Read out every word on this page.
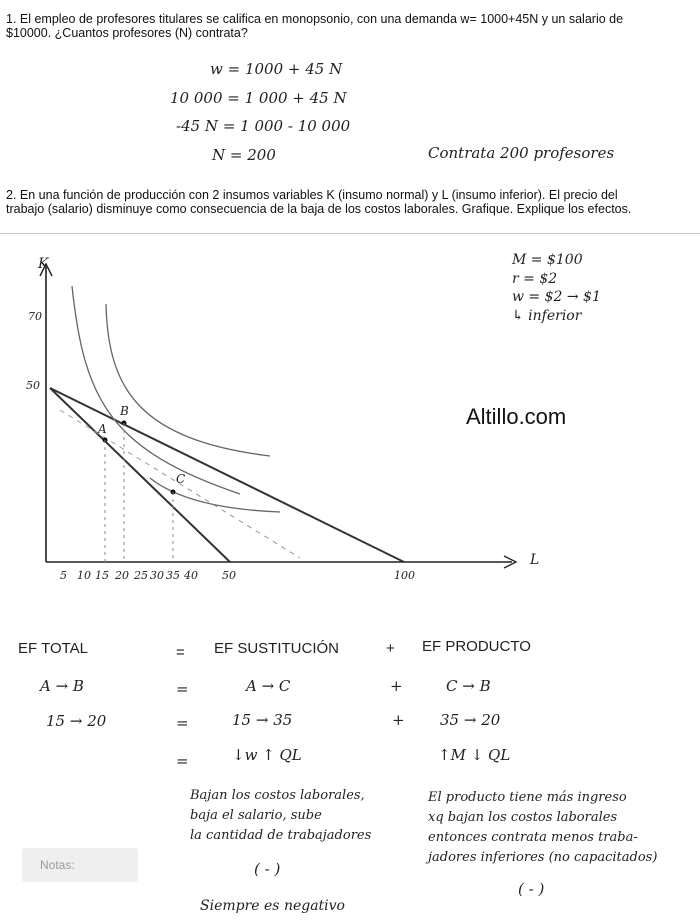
1. El empleo de profesores titulares se califica en monopsonio, con una demanda w= 1000+45N y un salario de $10000. ¿Cuantos profesores (N) contrata?
w = 1000 + 45 N
10 000 = 1 000 + 45 N
-45 N = 1 000 - 10 000
N = 200	Contrata 200 profesores
2. En una función de producción con 2 insumos variables K (insumo normal) y L (insumo inferior). El precio del trabajo (salario) disminuye como consecuencia de la baja de los costos laborales. Grafique. Explique los efectos.
K
L
70
50
5 10 15 20 25 30 35 40 50	100
A
B
C
M = $100
r = $2
w = $2 → $1
↳ inferior
Altillo.com
EF TOTAL	= EF SUSTITUCIÓN	+ EF PRODUCTO
A → B	=	A → C	+	C → B
15 → 20	=	15 → 35	+ 35 → 20
=	↓w ↑ QL	↑M ↓ QL
Bajan los costos laborales,
baja el salario, sube
la cantidad de trabajadores
( - )
El producto tiene más ingreso
xq bajan los costos laborales
entonces contrata menos traba-
jadores inferiores (no capacitados)
( - )
Siempre es negativo
Notas:
